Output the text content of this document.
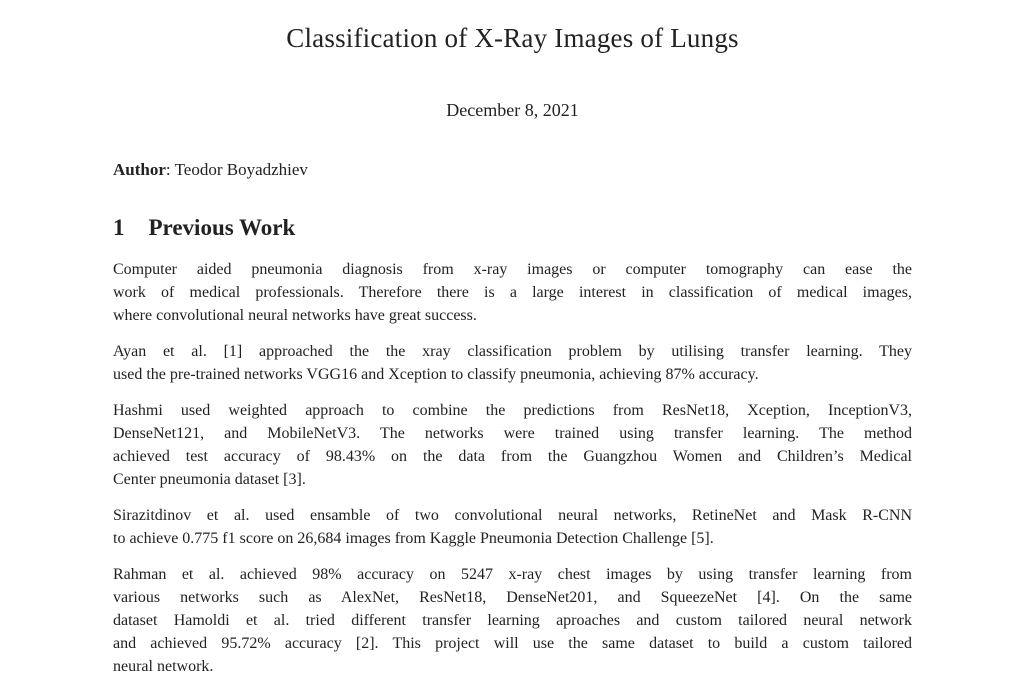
Classification of X-Ray Images of Lungs
December 8, 2021
Author: Teodor Boyadzhiev
1 Previous Work
Computer aided pneumonia diagnosis from x-ray images or computer tomography can ease the
work of medical professionals. Therefore there is a large interest in classification of medical images,
where convolutional neural networks have great success.
Ayan et al. [1] approached the the xray classification problem by utilising transfer learning. They
used the pre-trained networks VGG16 and Xception to classify pneumonia, achieving 87% accuracy.
Hashmi used weighted approach to combine the predictions from ResNet18, Xception, InceptionV3,
DenseNet121, and MobileNetV3. The networks were trained using transfer learning. The method
achieved test accuracy of 98.43% on the data from the Guangzhou Women and Children’s Medical
Center pneumonia dataset [3].
Sirazitdinov et al. used ensamble of two convolutional neural networks, RetineNet and Mask R-CNN
to achieve 0.775 f1 score on 26,684 images from Kaggle Pneumonia Detection Challenge [5].
Rahman et al. achieved 98% accuracy on 5247 x-ray chest images by using transfer learning from
various networks such as AlexNet, ResNet18, DenseNet201, and SqueezeNet [4]. On the same
dataset Hamoldi et al. tried different transfer learning aproaches and custom tailored neural network
and achieved 95.72% accuracy [2]. This project will use the same dataset to build a custom tailored
neural network.
